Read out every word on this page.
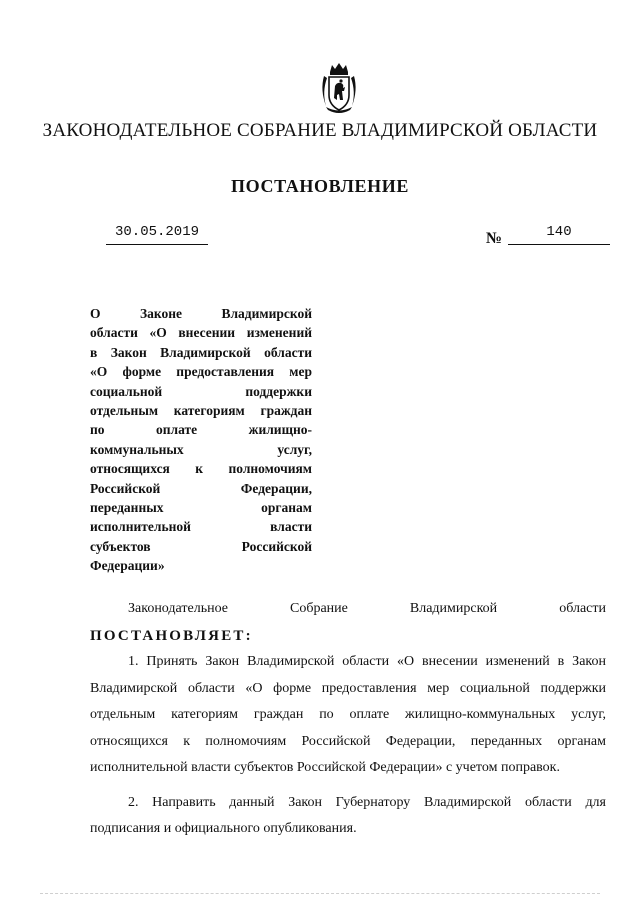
ЗАКОНОДАТЕЛЬНОЕ СОБРАНИЕ ВЛАДИМИРСКОЙ ОБЛАСТИ
ПОСТАНОВЛЕНИЕ
30.05.2019	№	140
О Законе Владимирской
области «О внесении изменений
в Закон Владимирской области
«О форме предоставления мер
социальной поддержки
отдельным категориям граждан
по оплате жилищно-
коммунальных услуг,
относящихся к полномочиям
Российской Федерации,
переданных органам
исполнительной власти
субъектов Российской
Федерации»
Законодательное Собрание Владимирской области
ПОСТАНОВЛЯЕТ:
1. Принять Закон Владимирской области «О внесении изменений в Закон Владимирской области «О форме предоставления мер социальной поддержки отдельным категориям граждан по оплате жилищно-коммунальных услуг, относящихся к полномочиям Российской Федерации, переданных органам исполнительной власти субъектов Российской Федерации» с учетом поправок.
2. Направить данный Закон Губернатору Владимирской области для подписания и официального опубликования.
